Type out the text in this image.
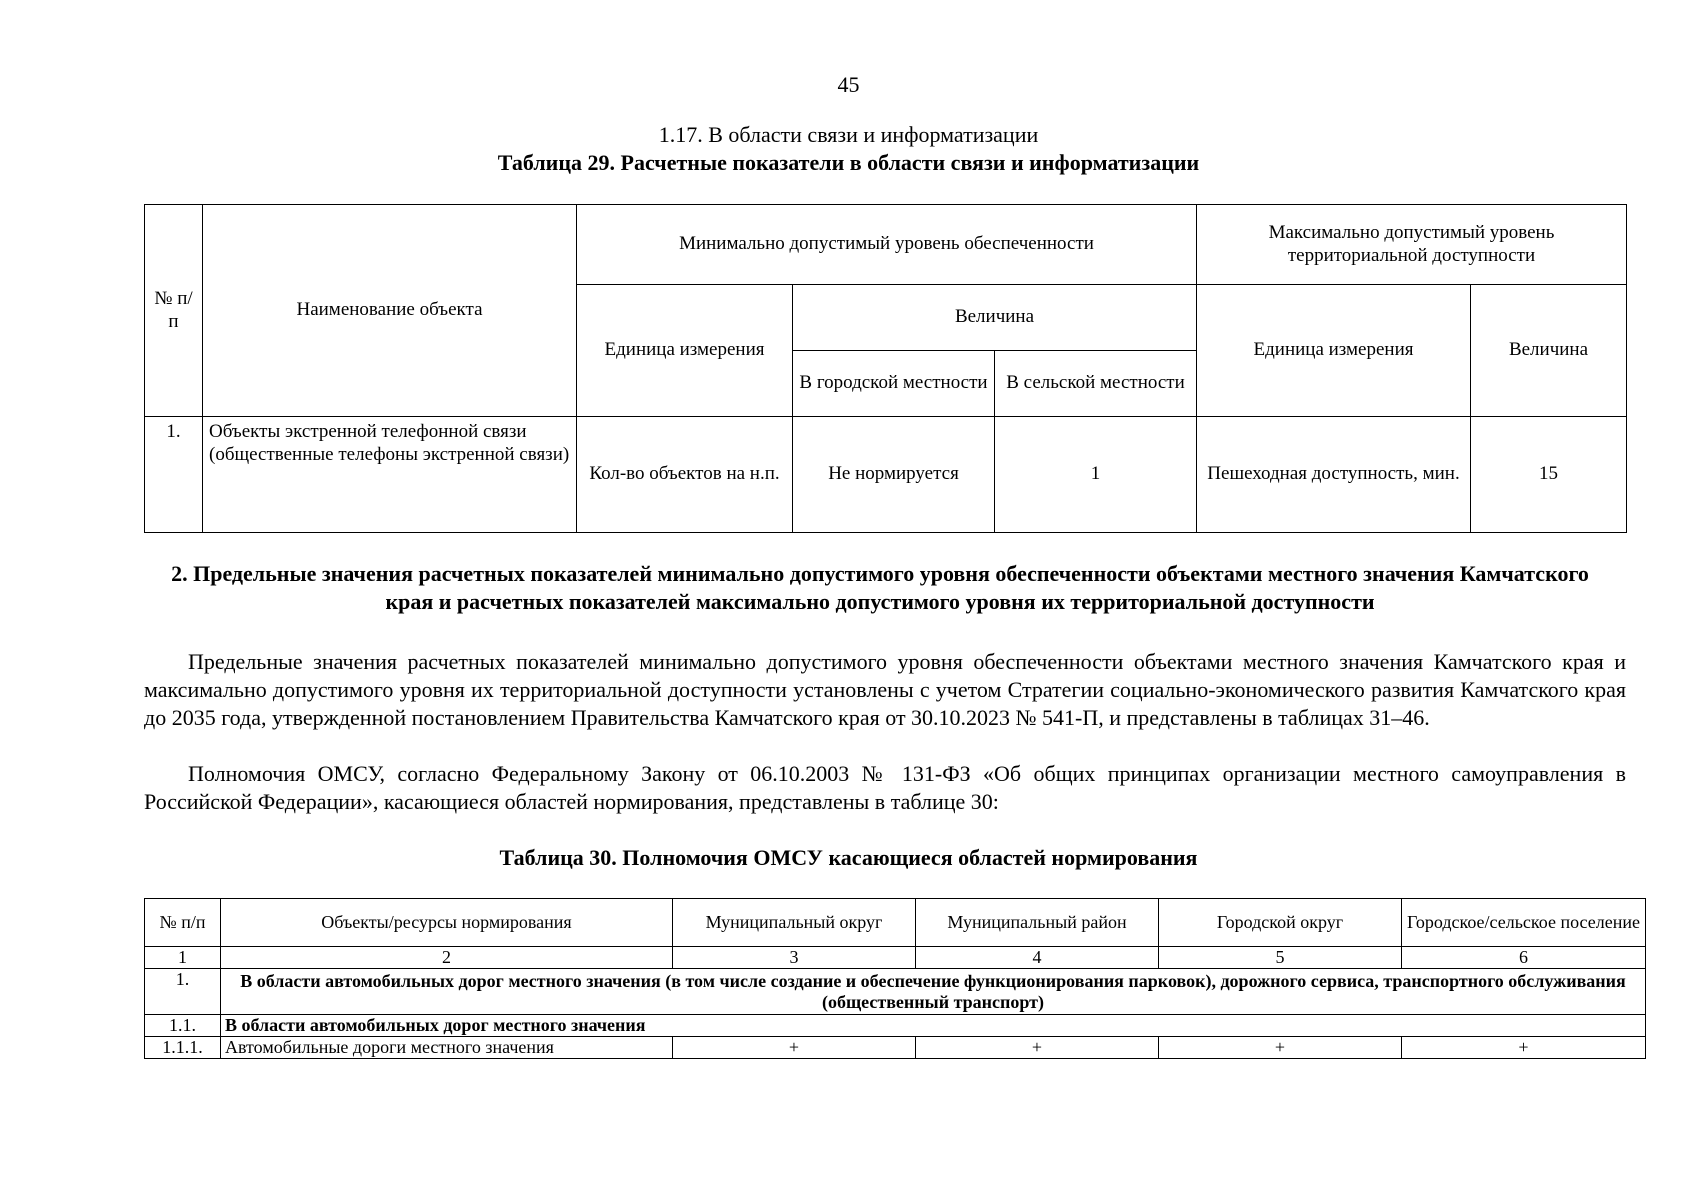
45
1.17. В области связи и информатизации
Таблица 29. Расчетные показатели в области связи и информатизации
№ п/п	Наименование объекта	Минимально допустимый уровень обеспеченности			Максимально допустимый уровень территориальной доступности	
		Единица измерения	Величина		Единица измерения	Величина
			В городской местности	В сельской местности		
1.	Объекты экстренной телефонной связи (общественные телефоны экстренной связи)	Кол-во объектов на н.п.	Не нормируется	1	Пешеходная доступность, мин.	15
2. Предельные значения расчетных показателей минимально допустимого уровня обеспеченности объектами местного значения Камчатского края и расчетных показателей максимально допустимого уровня их территориальной доступности
Предельные значения расчетных показателей минимально допустимого уровня обеспеченности объектами местного значения Камчатского края и максимально допустимого уровня их территориальной доступности установлены с учетом Стратегии социально-экономического развития Камчатского края до 2035 года, утвержденной постановлением Правительства Камчатского края от 30.10.2023 № 541-П, и представлены в таблицах 31–46.
Полномочия ОМСУ, согласно Федеральному Закону от 06.10.2003 № 131-ФЗ «Об общих принципах организации местного самоуправления в Российской Федерации», касающиеся областей нормирования, представлены в таблице 30:
Таблица 30. Полномочия ОМСУ касающиеся областей нормирования
№ п/п	Объекты/ресурсы нормирования	Муниципальный округ	Муниципальный район	Городской округ	Городское/сельское поселение
1	2	3	4	5	6
1.	В области автомобильных дорог местного значения (в том числе создание и обеспечение функционирования парковок), дорожного сервиса, транспортного обслуживания (общественный транспорт)				
1.1.	В области автомобильных дорог местного значения				
1.1.1.	Автомобильные дороги местного значения	+	+	+	+
